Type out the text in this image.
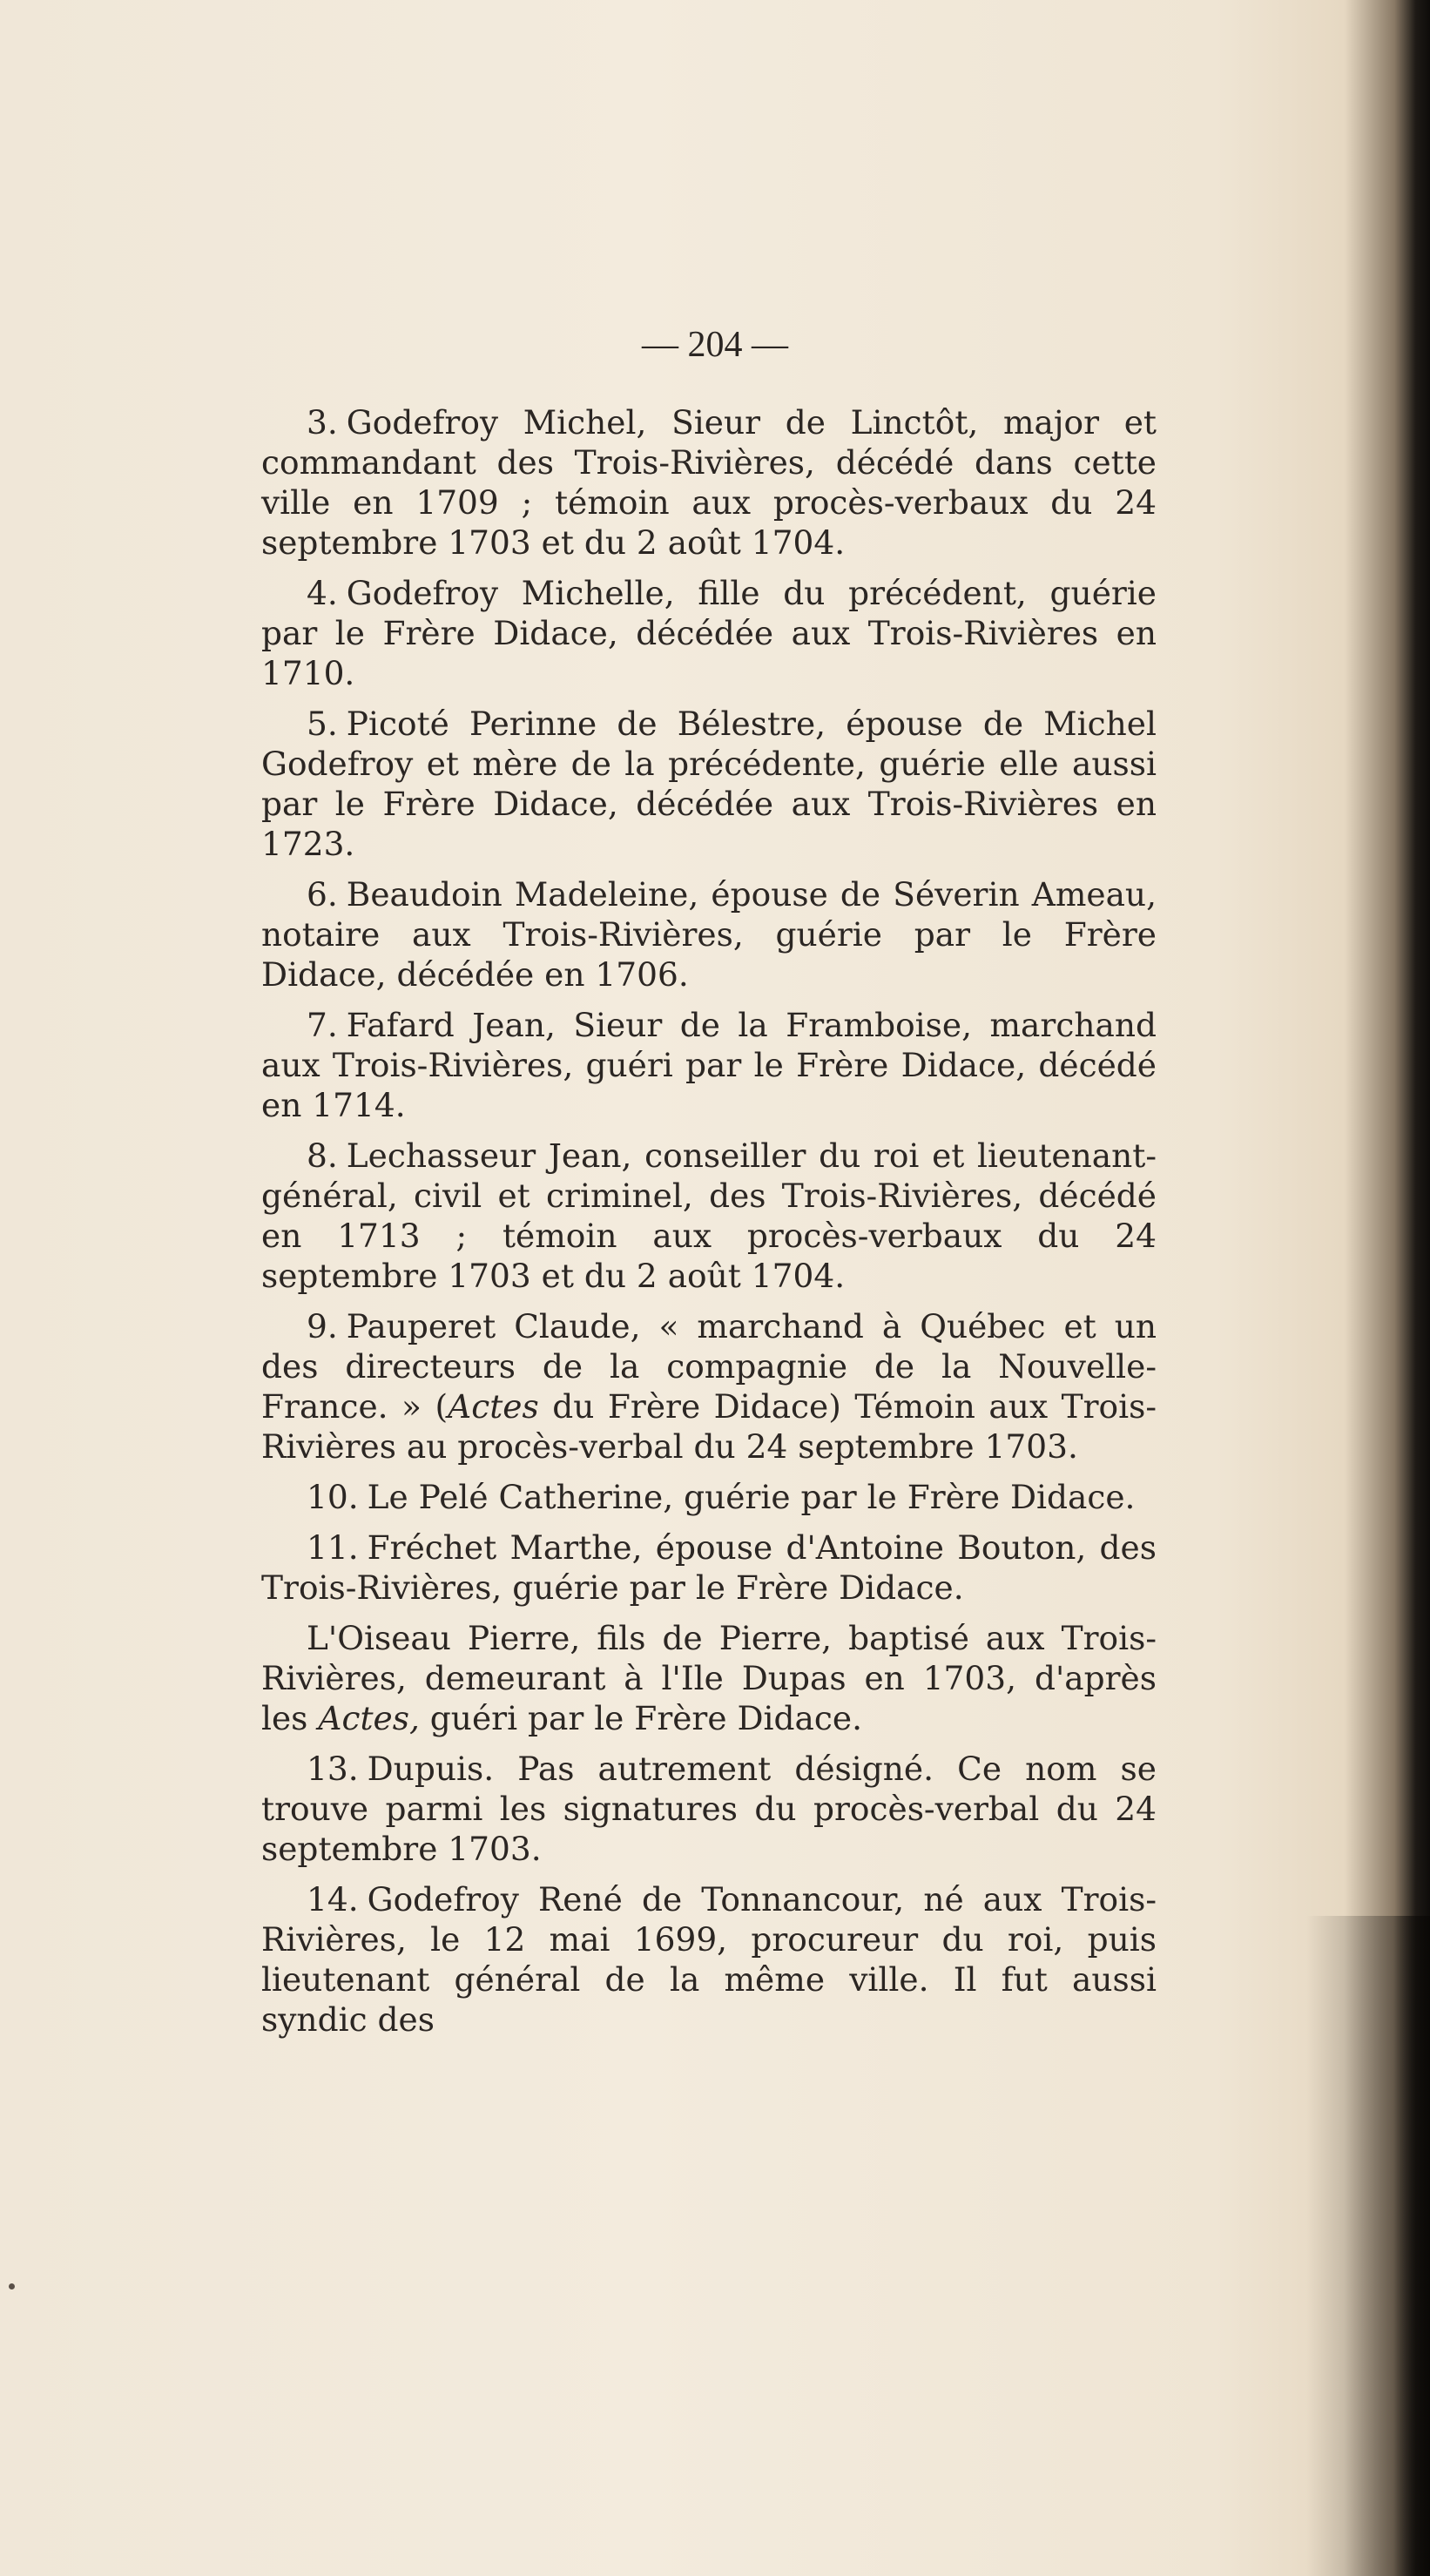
— 204 —

3. Godefroy Michel, Sieur de Linctôt, major et commandant des Trois-Rivières, décédé dans cette ville en 1709 ; témoin aux procès-verbaux du 24 septembre 1703 et du 2 août 1704.

4. Godefroy Michelle, fille du précédent, guérie par le Frère Didace, décédée aux Trois-Rivières en 1710.

5. Picoté Perinne de Bélestre, épouse de Michel Godefroy et mère de la précédente, guérie elle aussi par le Frère Didace, décédée aux Trois-Rivières en 1723.

6. Beaudoin Madeleine, épouse de Séverin Ameau, notaire aux Trois-Rivières, guérie par le Frère Didace, décédée en 1706.

7. Fafard Jean, Sieur de la Framboise, marchand aux Trois-Rivières, guéri par le Frère Didace, décédé en 1714.

8. Lechasseur Jean, conseiller du roi et lieutenant-général, civil et criminel, des Trois-Rivières, décédé en 1713 ; témoin aux procès-verbaux du 24 septembre 1703 et du 2 août 1704.

9. Pauperet Claude, « marchand à Québec et un des directeurs de la compagnie de la Nouvelle-France. » (Actes du Frère Didace) Témoin aux Trois-Rivières au procès-verbal du 24 septembre 1703.

10. Le Pelé Catherine, guérie par le Frère Didace.

11. Fréchet Marthe, épouse d'Antoine Bouton, des Trois-Rivières, guérie par le Frère Didace.

L'Oiseau Pierre, fils de Pierre, baptisé aux Trois-Rivières, demeurant à l'Ile Dupas en 1703, d'après les Actes, guéri par le Frère Didace.

13. Dupuis. Pas autrement désigné. Ce nom se trouve parmi les signatures du procès-verbal du 24 septembre 1703.

14. Godefroy René de Tonnancour, né aux Trois-Rivières, le 12 mai 1699, procureur du roi, puis lieutenant général de la même ville. Il fut aussi syndic des
